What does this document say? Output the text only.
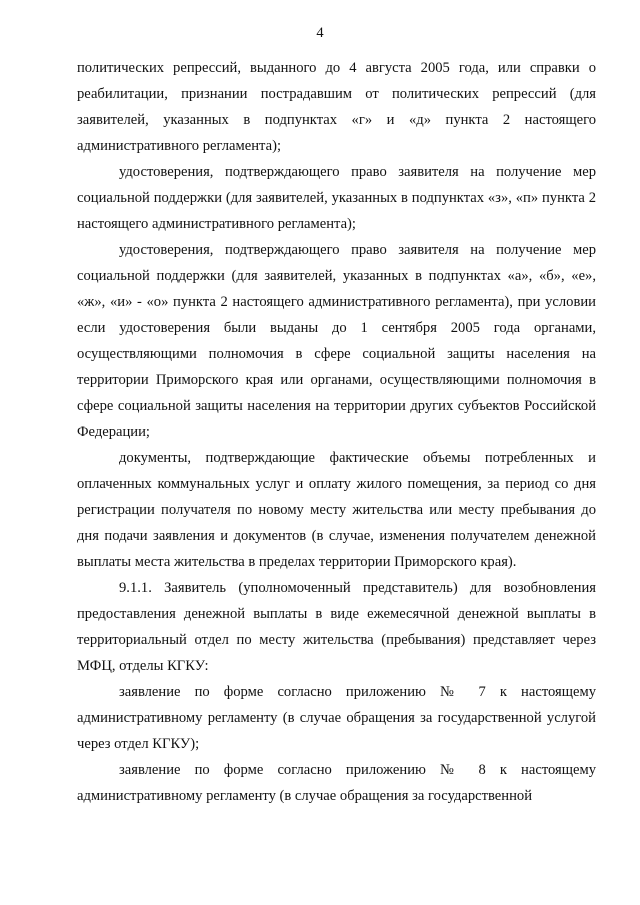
4

политических репрессий, выданного до 4 августа 2005 года, или справки о реабилитации, признании пострадавшим от политических репрессий (для заявителей, указанных в подпунктах «г» и «д» пункта 2 настоящего административного регламента);

удостоверения, подтверждающего право заявителя на получение мер социальной поддержки (для заявителей, указанных в подпунктах «з», «п» пункта 2 настоящего административного регламента);

удостоверения, подтверждающего право заявителя на получение мер социальной поддержки (для заявителей, указанных в подпунктах «а», «б», «е», «ж», «и» - «о» пункта 2 настоящего административного регламента), при условии если удостоверения были выданы до 1 сентября 2005 года органами, осуществляющими полномочия в сфере социальной защиты населения на территории Приморского края или органами, осуществляющими полномочия в сфере социальной защиты населения на территории других субъектов Российской Федерации;

документы, подтверждающие фактические объемы потребленных и оплаченных коммунальных услуг и оплату жилого помещения, за период со дня регистрации получателя по новому месту жительства или месту пребывания до дня подачи заявления и документов (в случае, изменения получателем денежной выплаты места жительства в пределах территории Приморского края).

9.1.1. Заявитель (уполномоченный представитель) для возобновления предоставления денежной выплаты в виде ежемесячной денежной выплаты в территориальный отдел по месту жительства (пребывания) представляет через МФЦ, отделы КГКУ:

заявление по форме согласно приложению № 7 к настоящему административному регламенту (в случае обращения за государственной услугой через отдел КГКУ);

заявление по форме согласно приложению № 8 к настоящему административному регламенту (в случае обращения за государственной
